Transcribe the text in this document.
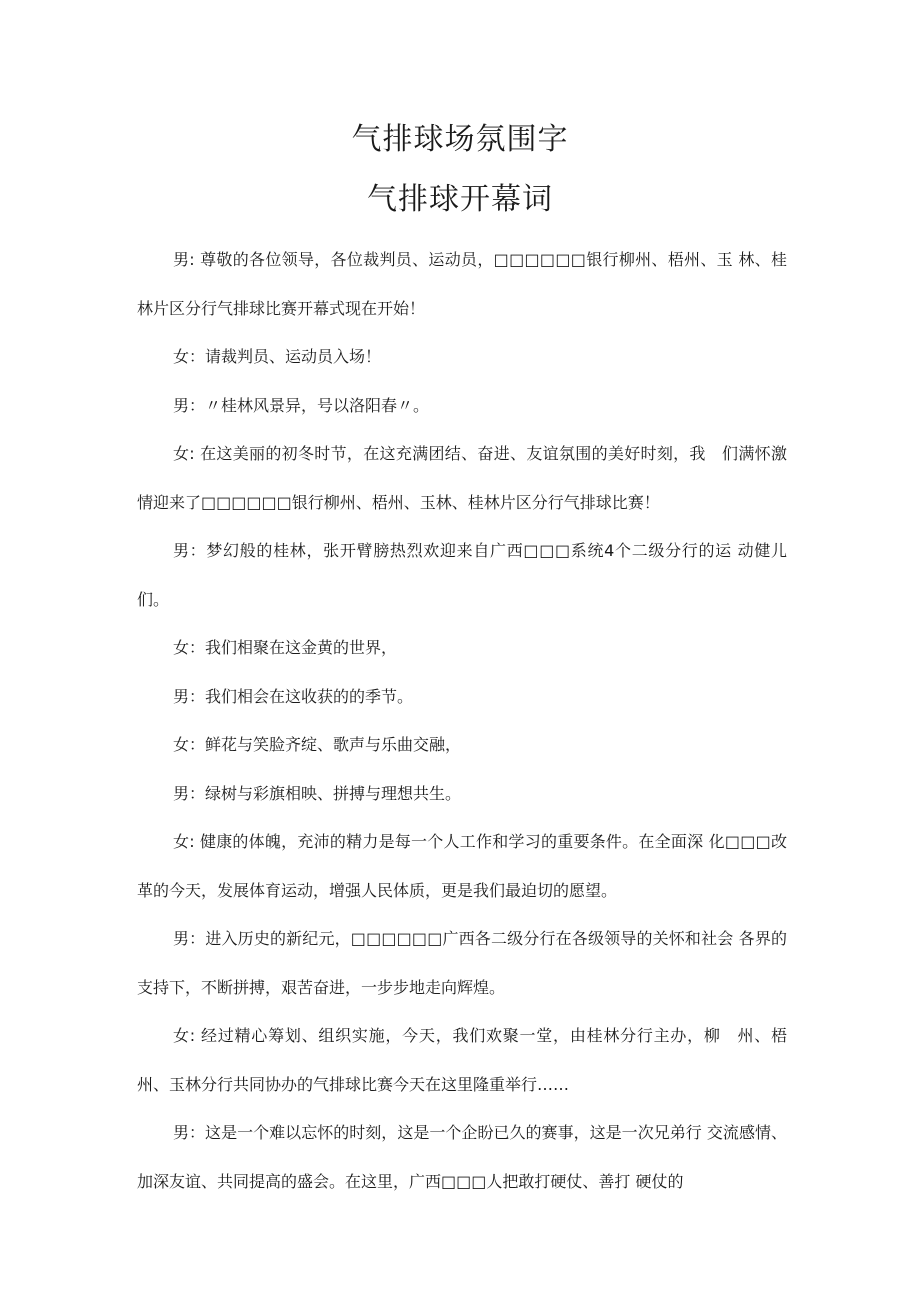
气排球场氛围字
气排球开幕词

男: 尊敬的各位领导，各位裁判员、运动员，□□□□□□银行柳州、梧州、玉 林、桂林片区分行气排球比赛开幕式现在开始！

女：请裁判员、运动员入场！

男：〃桂林风景异，号以洛阳春〃。

女: 在这美丽的初冬时节，在这充满团结、奋进、友谊氛围的美好时刻，我　们满怀激情迎来了□□□□□□银行柳州、梧州、玉林、桂林片区分行气排球比赛！

男：梦幻般的桂林，张开臂膀热烈欢迎来自广西□□□系统4个二级分行的运 动健儿们。

女：我们相聚在这金黄的世界，

男：我们相会在这收获的的季节。

女：鲜花与笑脸齐绽、歌声与乐曲交融，

男：绿树与彩旗相映、拼搏与理想共生。

女: 健康的体魄，充沛的精力是每一个人工作和学习的重要条件。在全面深 化□□□改革的今天，发展体育运动，增强人民体质，更是我们最迫切的愿望。

男：进入历史的新纪元，□□□□□□广西各二级分行在各级领导的关怀和社会 各界的支持下，不断拼搏，艰苦奋进，一步步地走向辉煌。

女: 经过精心筹划、组织实施，今天，我们欢聚一堂，由桂林分行主办，柳　州、梧州、玉林分行共同协办的气排球比赛今天在这里隆重举行……

男：这是一个难以忘怀的时刻，这是一个企盼已久的赛事，这是一次兄弟行 交流感情、加深友谊、共同提高的盛会。在这里，广西□□□人把敢打硬仗、善打 硬仗的
